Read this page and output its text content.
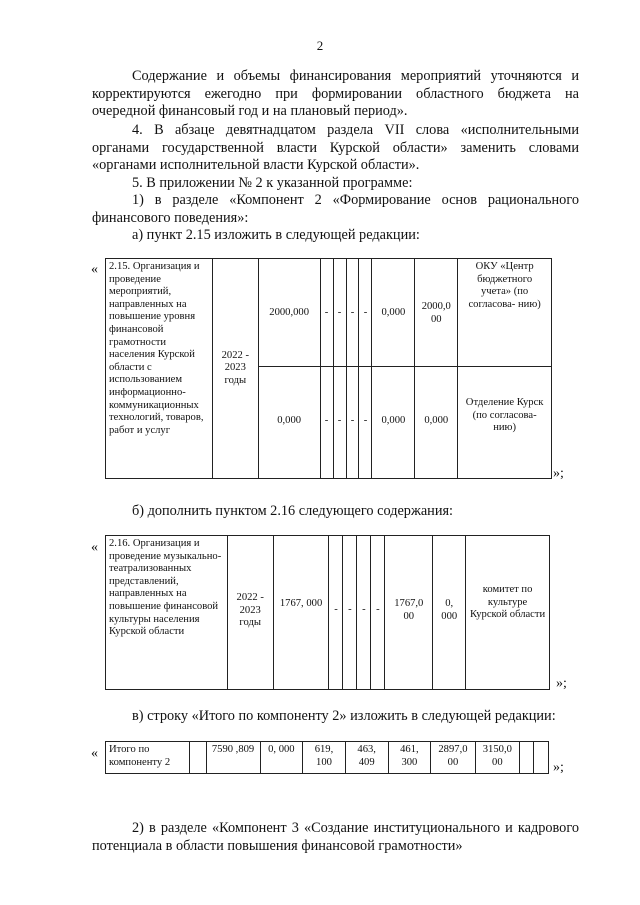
2

Содержание и объемы финансирования мероприятий уточняются и корректируются ежегодно при формировании областного бюджета на очередной финансовый год и на плановый период».

4. В абзаце девятнадцатом раздела VII слова «исполнительными органами государственной власти Курской области» заменить словами «органами исполнительной власти Курской области».

5. В приложении № 2 к указанной программе:

1) в разделе «Компонент 2 «Формирование основ рационального финансового поведения»:

а) пункт 2.15 изложить в следующей редакции:

« 2.15. Организация и проведение мероприятий, направленных на повышение уровня финансовой грамотности населения Курской области с использованием информационно-коммуникационных технологий, товаров, работ и услуг	2022 - 2023 годы	2000,000	-	-	-	-	0,000	2000,0 00	ОКУ «Центр бюджетного учета» (по согласова- нию)
		0,000	-	-	-	-	0,000	0,000	Отделение Курск (по согласова- нию)
»;

б) дополнить пунктом 2.16 следующего содержания:

« 2.16. Организация и проведение музыкально- театрализованных представлений, направленных на повышение финансовой культуры населения Курской области	2022 - 2023 годы	1767, 000	-	-	-	-	1767,0 00	0, 000	комитет по культуре Курской области
»;

в) строку «Итого по компоненту 2» изложить в следующей редакции:

« Итого по компоненту 2		7590 ,809	0, 000	619, 100	463, 409	461, 300	2897,0 00	3150,0 00			»;

2) в разделе «Компонент 3 «Создание институционального и кадрового потенциала в области повышения финансовой грамотности»
